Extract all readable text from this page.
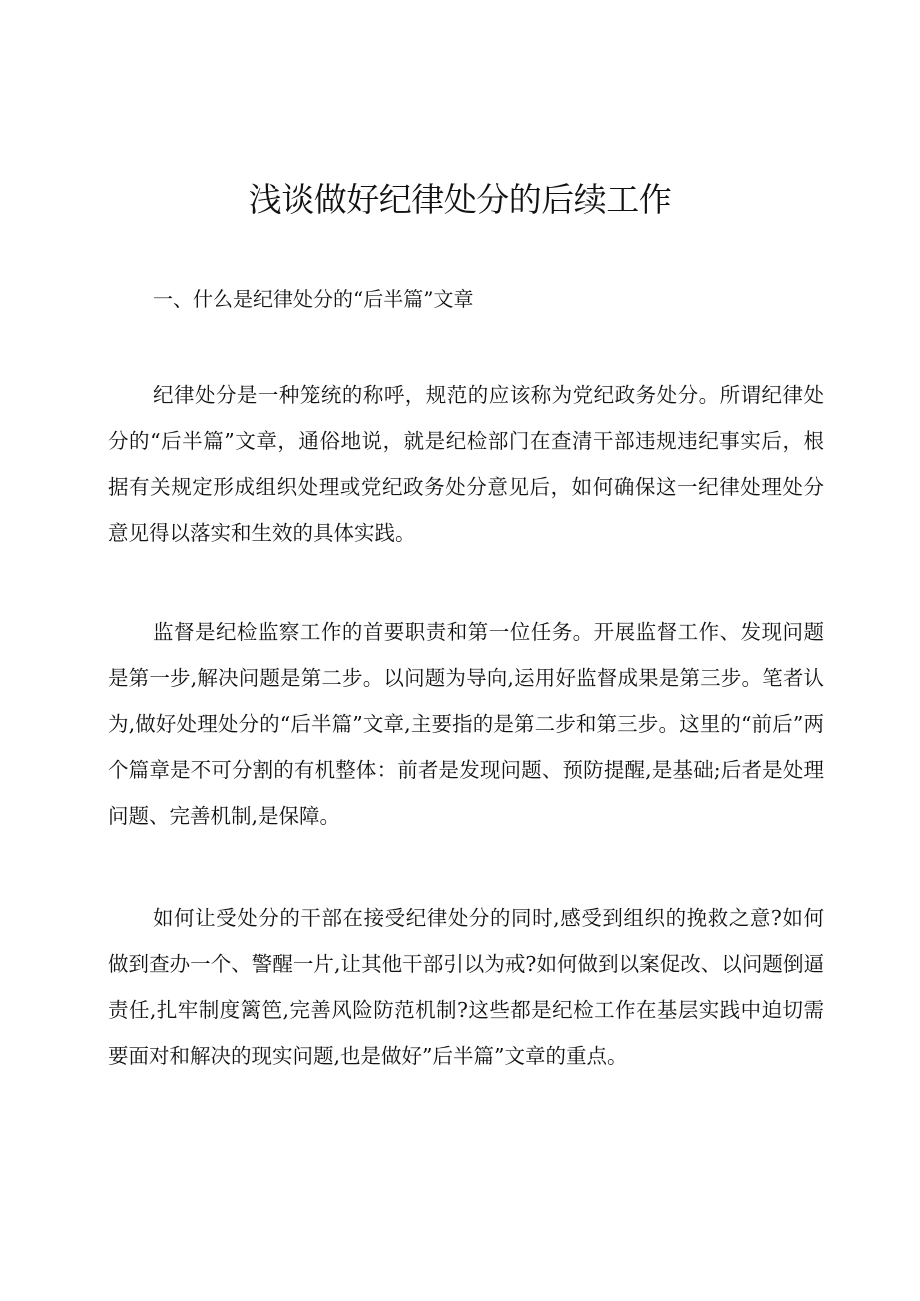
浅谈做好纪律处分的后续工作
一、什么是纪律处分的“后半篇”文章

纪律处分是一种笼统的称呼，规范的应该称为党纪政务处分。所谓纪律处分的“后半篇”文章，通俗地说，就是纪检部门在查清干部违规违纪事实后，根据有关规定形成组织处理或党纪政务处分意见后，如何确保这一纪律处理处分意见得以落实和生效的具体实践。

监督是纪检监察工作的首要职责和第一位任务。开展监督工作、发现问题是第一步,解决问题是第二步。以问题为导向,运用好监督成果是第三步。笔者认为,做好处理处分的“后半篇”文章,主要指的是第二步和第三步。这里的“前后”两个篇章是不可分割的有机整体：前者是发现问题、预防提醒,是基础;后者是处理问题、完善机制,是保障。

如何让受处分的干部在接受纪律处分的同时,感受到组织的挽救之意?如何做到查办一个、警醒一片,让其他干部引以为戒?如何做到以案促改、以问题倒逼责任,扎牢制度篱笆,完善风险防范机制?这些都是纪检工作在基层实践中迫切需要面对和解决的现实问题,也是做好”后半篇”文章的重点。
